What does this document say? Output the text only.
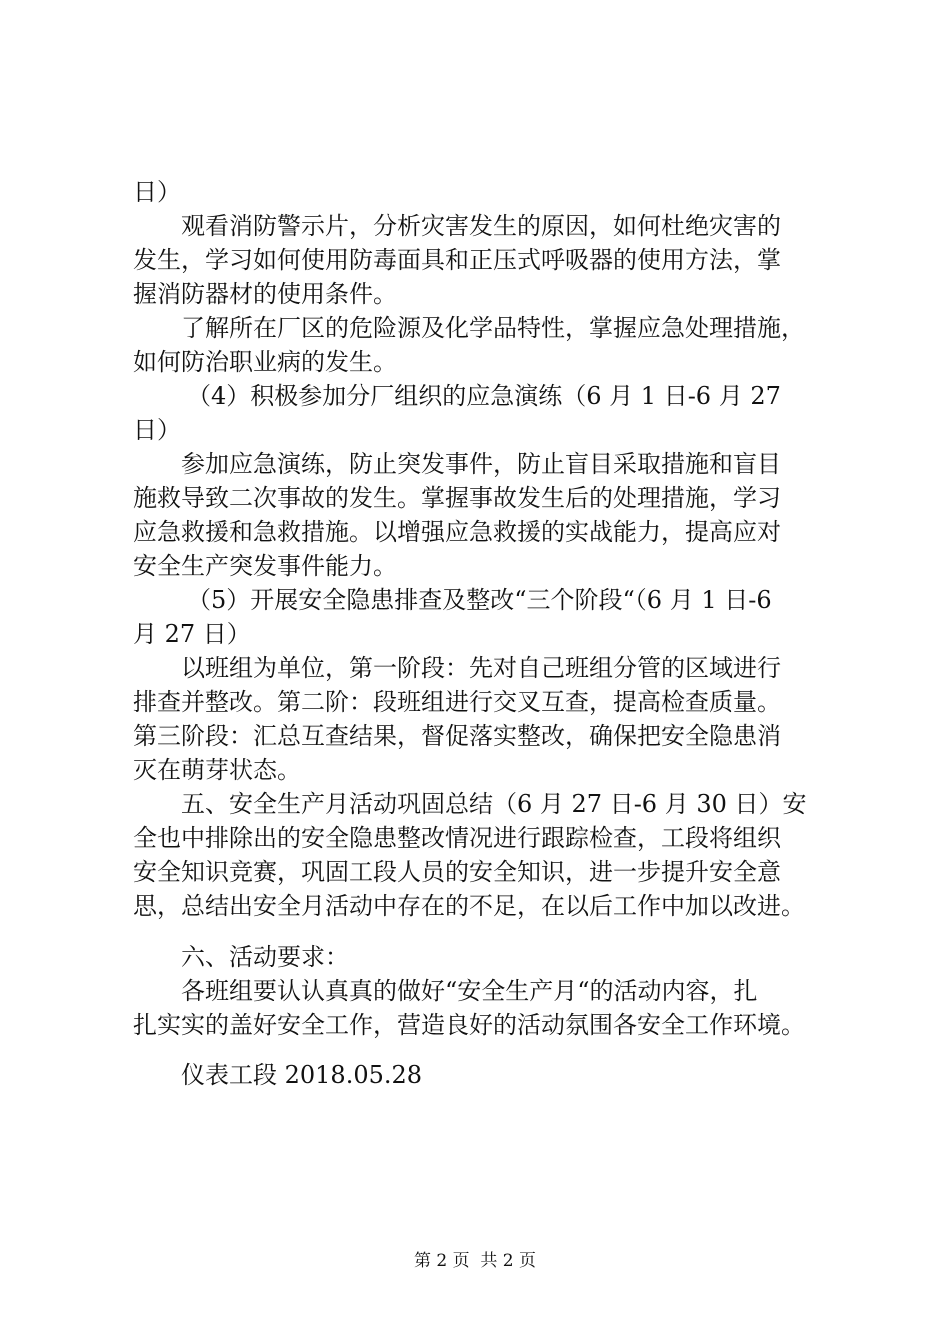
日）
观看消防警示片，分析灾害发生的原因，如何杜绝灾害的
发生，学习如何使用防毒面具和正压式呼吸器的使用方法，掌
握消防器材的使用条件。
了解所在厂区的危险源及化学品特性，掌握应急处理措施，
如何防治职业病的发生。
（4）积极参加分厂组织的应急演练（6 月 1 日-6 月 27
日）
参加应急演练，防止突发事件，防止盲目采取措施和盲目
施救导致二次事故的发生。掌握事故发生后的处理措施，学习
应急救援和急救措施。以增强应急救援的实战能力，提高应对
安全生产突发事件能力。
（5）开展安全隐患排查及整改“三个阶段“（6 月 1 日-6
月 27 日）
以班组为单位，第一阶段：先对自己班组分管的区域进行
排查并整改。第二阶：段班组进行交叉互查，提高检查质量。
第三阶段：汇总互查结果，督促落实整改，确保把安全隐患消
灭在萌芽状态。
五、安全生产月活动巩固总结（6 月 27 日-6 月 30 日）安
全也中排除出的安全隐患整改情况进行跟踪检查，工段将组织
安全知识竞赛，巩固工段人员的安全知识，进一步提升安全意
思，总结出安全月活动中存在的不足，在以后工作中加以改进。
六、活动要求：
各班组要认认真真的做好“安全生产月“的活动内容，扎
扎实实的盖好安全工作，营造良好的活动氛围各安全工作环境。
仪表工段 2018.05.28
第 2 页  共 2 页
